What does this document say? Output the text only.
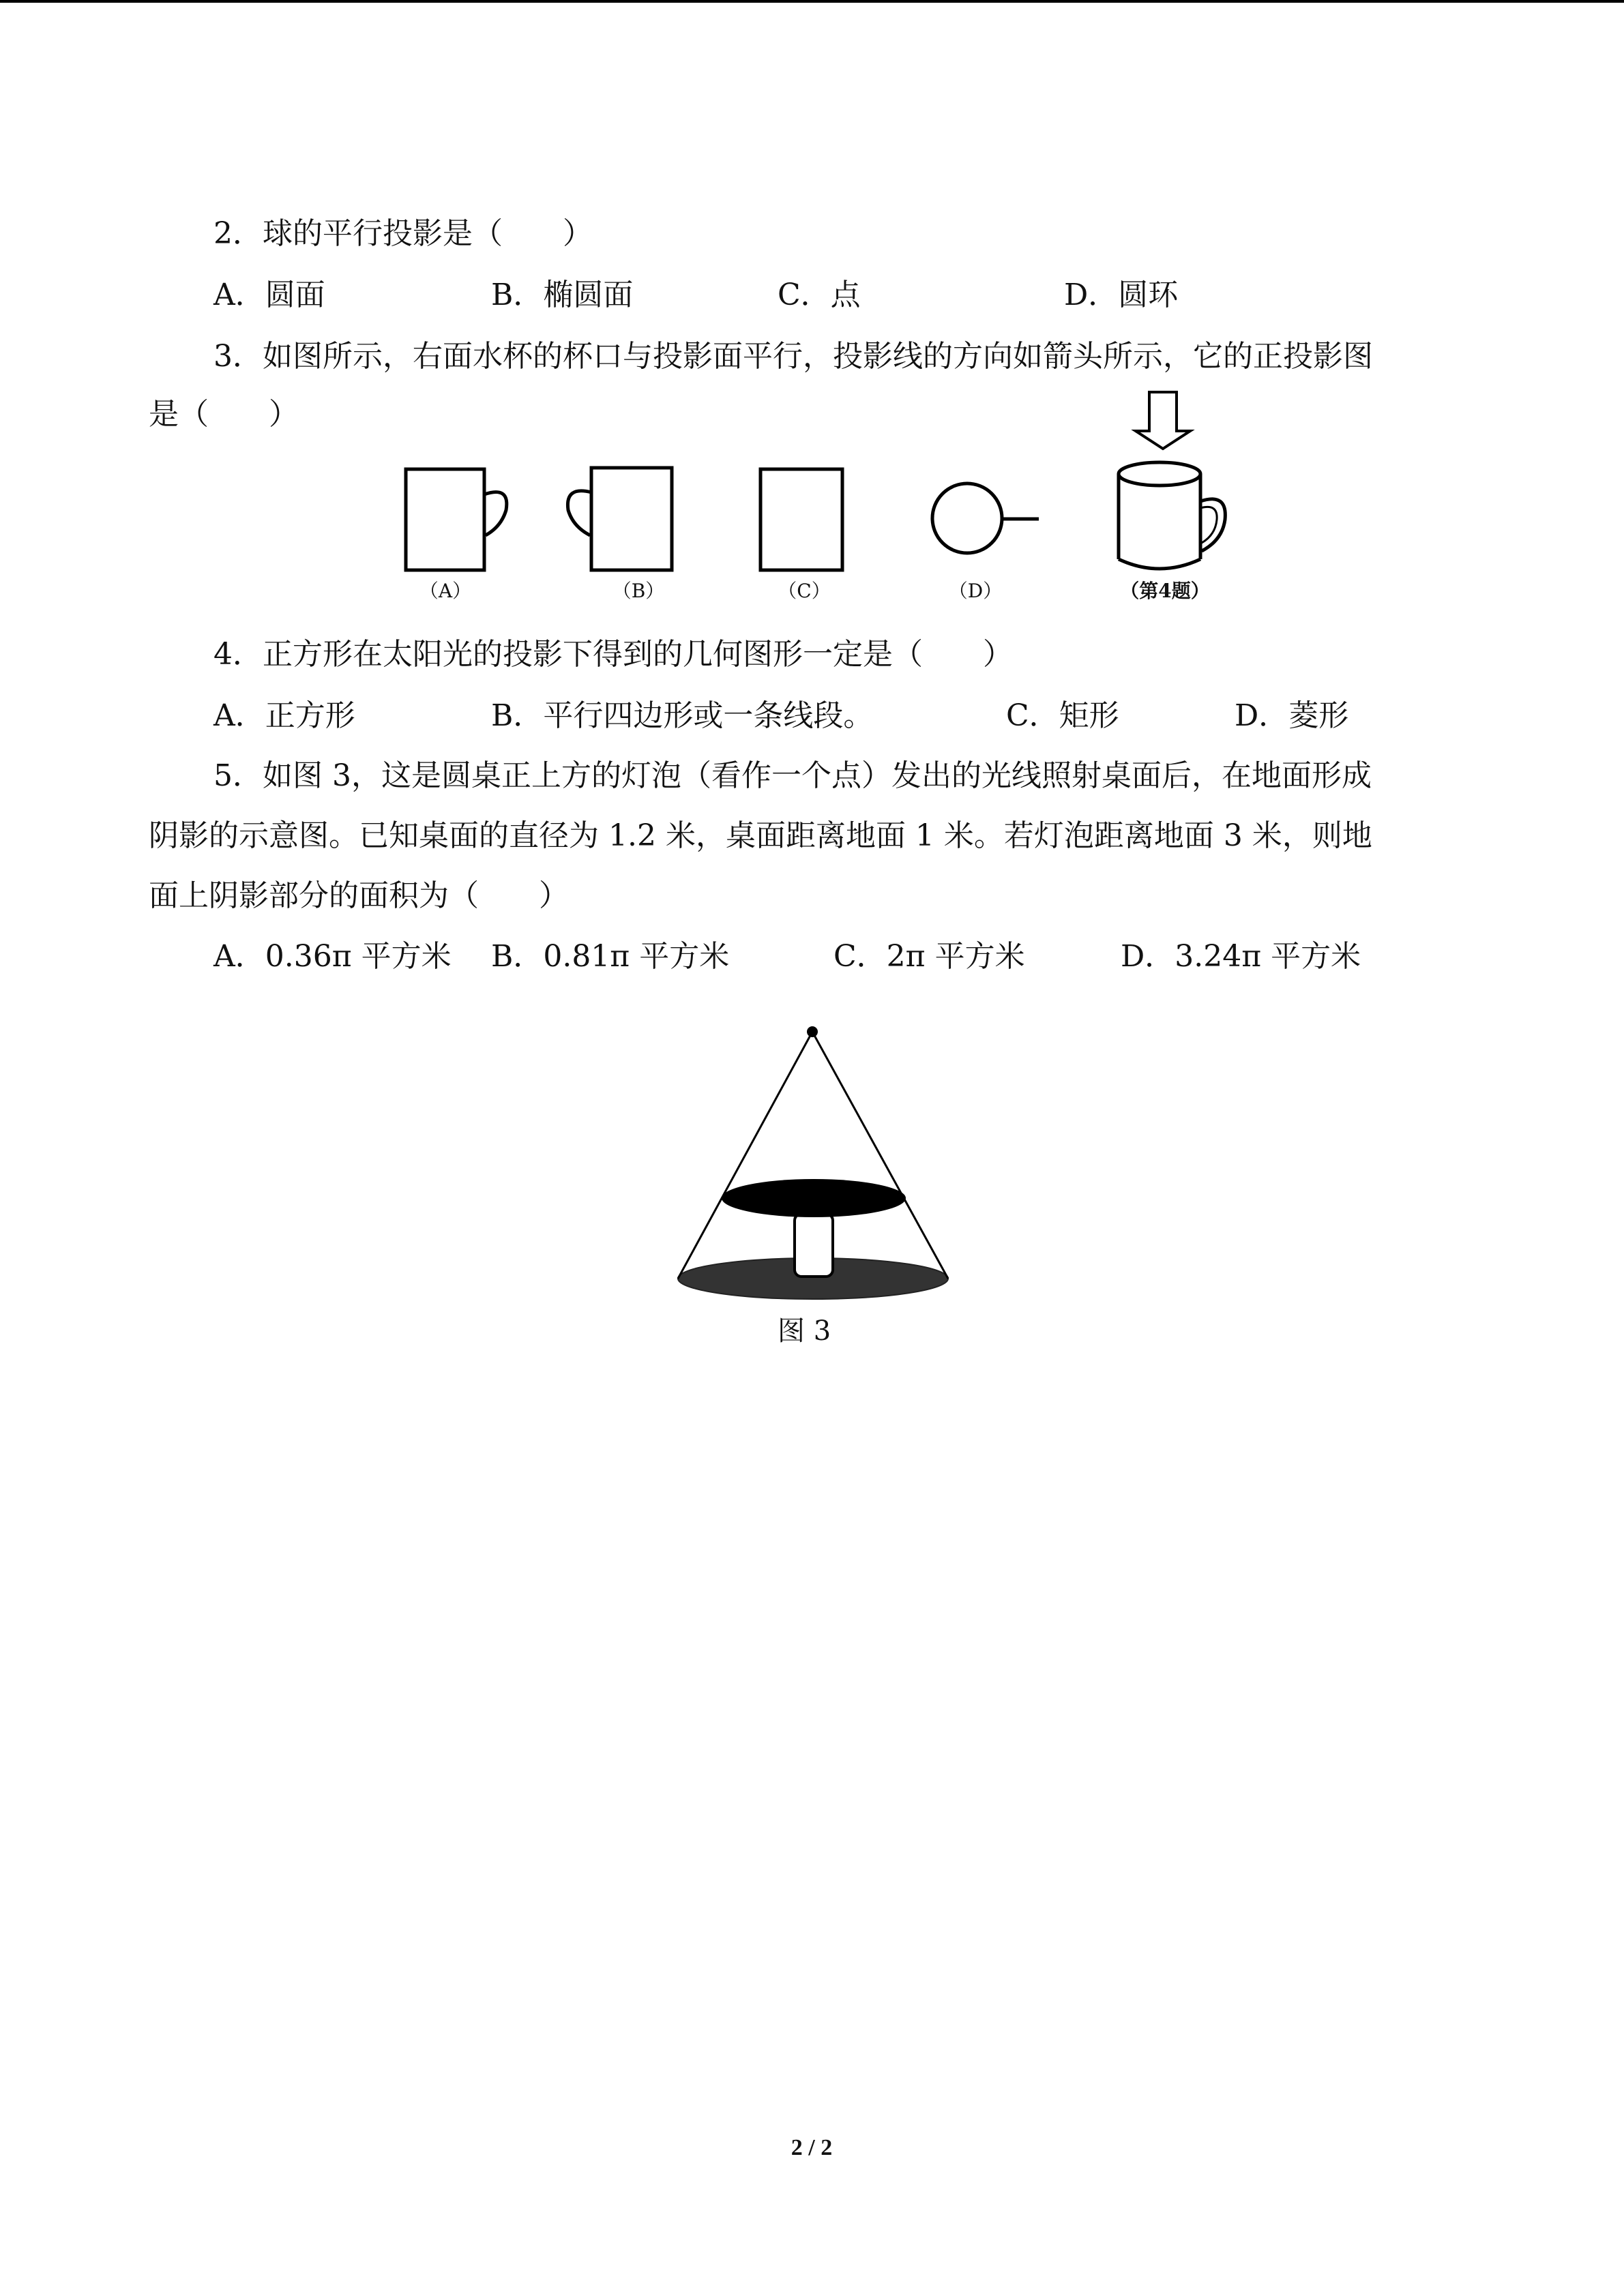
2．球的平行投影是（　　）
A．圆面	B．椭圆面	C．点	D．圆环
3．如图所示，右面水杯的杯口与投影面平行，投影线的方向如箭头所示，它的正投影图
是（　　）
（A）	（B）	（C）	（D）	（第4题）
4．正方形在太阳光的投影下得到的几何图形一定是（　　）
A．正方形	B．平行四边形或一条线段。	C．矩形	D．菱形
5．如图 3，这是圆桌正上方的灯泡（看作一个点）发出的光线照射桌面后，在地面形成
阴影的示意图。已知桌面的直径为 1.2 米，桌面距离地面 1 米。若灯泡距离地面 3 米，则地
面上阴影部分的面积为（　　）
A．0.36π 平方米 B．0.81π 平方米	C．2π 平方米	D．3.24π 平方米
图 3
2 / 2
